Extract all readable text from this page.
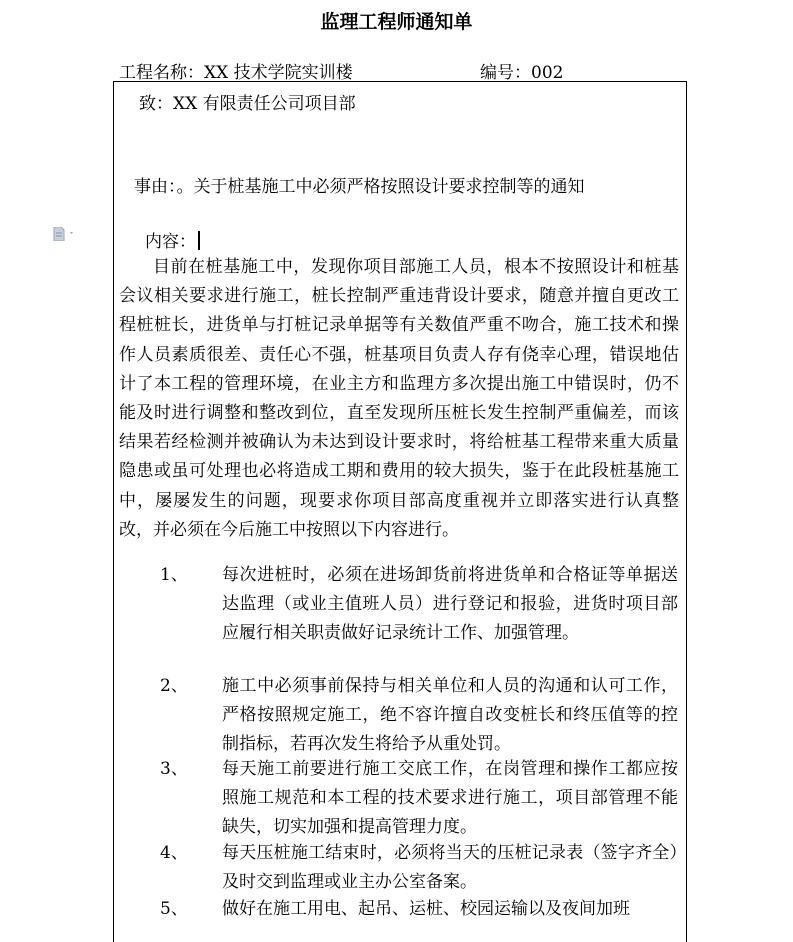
监理工程师通知单
工程名称：XX 技术学院实训楼	编号：002
致：XX 有限责任公司项目部
事由：。关于桩基施工中必须严格按照设计要求控制等的通知
内容：
目前在桩基施工中，发现你项目部施工人员，根本不按照设计和桩基会议相关要求进行施工，桩长控制严重违背设计要求，随意并擅自更改工程桩桩长，进货单与打桩记录单据等有关数值严重不吻合，施工技术和操作人员素质很差、责任心不强，桩基项目负责人存有侥幸心理，错误地估计了本工程的管理环境，在业主方和监理方多次提出施工中错误时，仍不能及时进行调整和整改到位，直至发现所压桩长发生控制严重偏差，而该结果若经检测并被确认为未达到设计要求时，将给桩基工程带来重大质量隐患或虽可处理也必将造成工期和费用的较大损失，鉴于在此段桩基施工中，屡屡发生的问题，现要求你项目部高度重视并立即落实进行认真整改，并必须在今后施工中按照以下内容进行。
1、 每次进桩时，必须在进场卸货前将进货单和合格证等单据送达监理（或业主值班人员）进行登记和报验，进货时项目部应履行相关职责做好记录统计工作、加强管理。
2、 施工中必须事前保持与相关单位和人员的沟通和认可工作，严格按照规定施工，绝不容许擅自改变桩长和终压值等的控制指标，若再次发生将给予从重处罚。
3、 每天施工前要进行施工交底工作，在岗管理和操作工都应按照施工规范和本工程的技术要求进行施工，项目部管理不能缺失，切实加强和提高管理力度。
4、 每天压桩施工结束时，必须将当天的压桩记录表（签字齐全）及时交到监理或业主办公室备案。
5、 做好在施工用电、起吊、运桩、校园运输以及夜间加班
